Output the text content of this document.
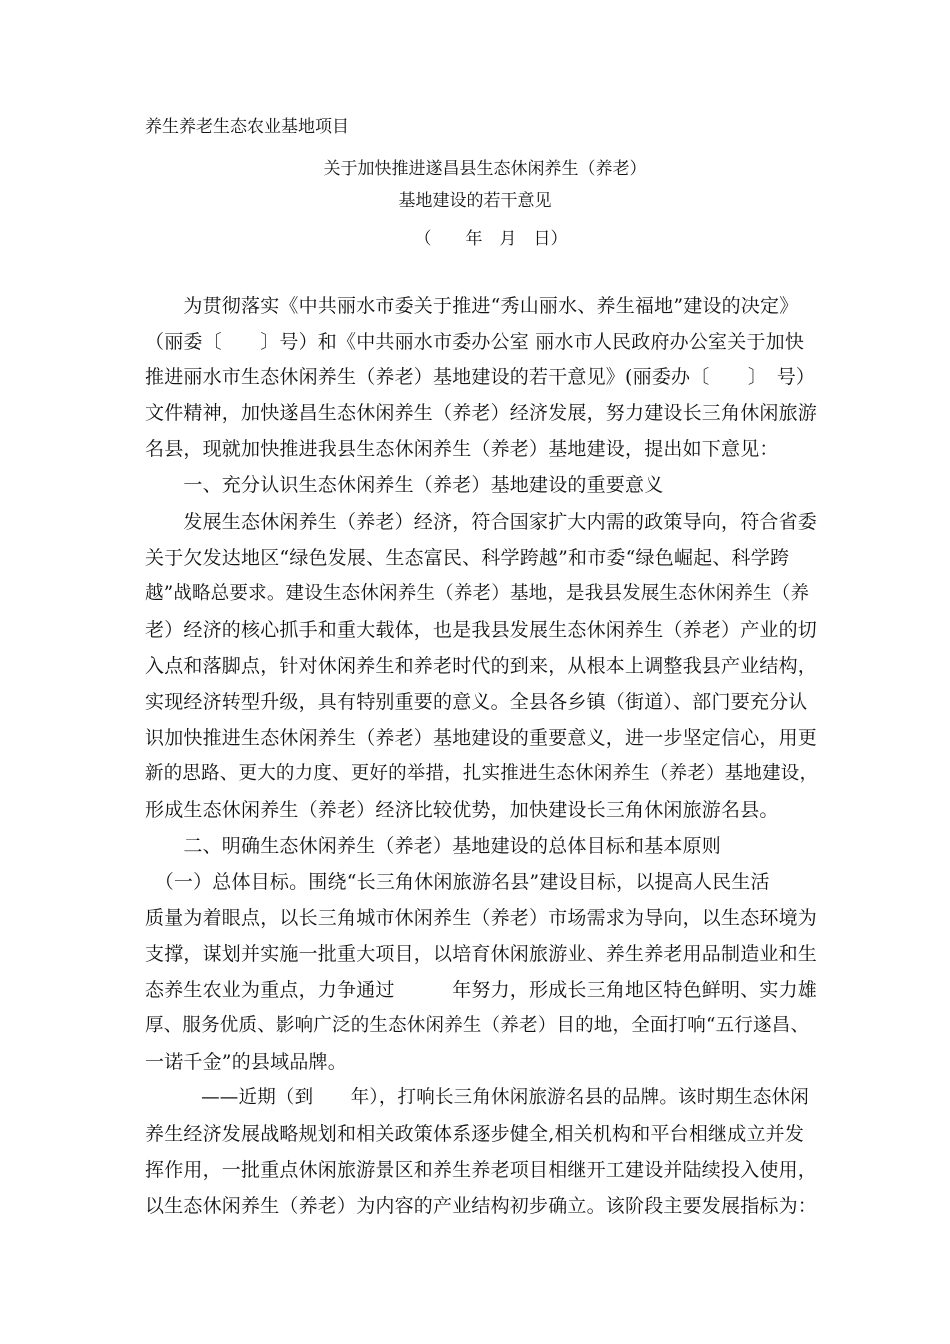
养生养老生态农业基地项目
关于加快推进遂昌县生态休闲养生（养老）
基地建设的若干意见
（　　年　月　日）
　　为贯彻落实《中共丽水市委关于推进“秀山丽水、养生福地”建设的决定》
（丽委〔　　〕号）和《中共丽水市委办公室 丽水市人民政府办公室关于加快
推进丽水市生态休闲养生（养老）基地建设的若干意见》(丽委办〔　　〕　号）
文件精神，加快遂昌生态休闲养生（养老）经济发展，努力建设长三角休闲旅游
名县，现就加快推进我县生态休闲养生（养老）基地建设，提出如下意见：
　　一、充分认识生态休闲养生（养老）基地建设的重要意义
　　发展生态休闲养生（养老）经济，符合国家扩大内需的政策导向，符合省委
关于欠发达地区“绿色发展、生态富民、科学跨越”和市委“绿色崛起、科学跨
越”战略总要求。建设生态休闲养生（养老）基地，是我县发展生态休闲养生（养
老）经济的核心抓手和重大载体，也是我县发展生态休闲养生（养老）产业的切
入点和落脚点，针对休闲养生和养老时代的到来，从根本上调整我县产业结构，
实现经济转型升级，具有特别重要的意义。全县各乡镇（街道）、部门要充分认
识加快推进生态休闲养生（养老）基地建设的重要意义，进一步坚定信心，用更
新的思路、更大的力度、更好的举措，扎实推进生态休闲养生（养老）基地建设，
形成生态休闲养生（养老）经济比较优势，加快建设长三角休闲旅游名县。
　　二、明确生态休闲养生（养老）基地建设的总体目标和基本原则
　（一）总体目标。围绕“长三角休闲旅游名县”建设目标，以提高人民生活
质量为着眼点，以长三角城市休闲养生（养老）市场需求为导向，以生态环境为
支撑，谋划并实施一批重大项目，以培育休闲旅游业、养生养老用品制造业和生
态养生农业为重点，力争通过　　　年努力，形成长三角地区特色鲜明、实力雄
厚、服务优质、影响广泛的生态休闲养生（养老）目的地，全面打响“五行遂昌、
一诺千金”的县域品牌。
　　　——近期（到　　年），打响长三角休闲旅游名县的品牌。该时期生态休闲
养生经济发展战略规划和相关政策体系逐步健全,相关机构和平台相继成立并发
挥作用，一批重点休闲旅游景区和养生养老项目相继开工建设并陆续投入使用，
以生态休闲养生（养老）为内容的产业结构初步确立。该阶段主要发展指标为：
